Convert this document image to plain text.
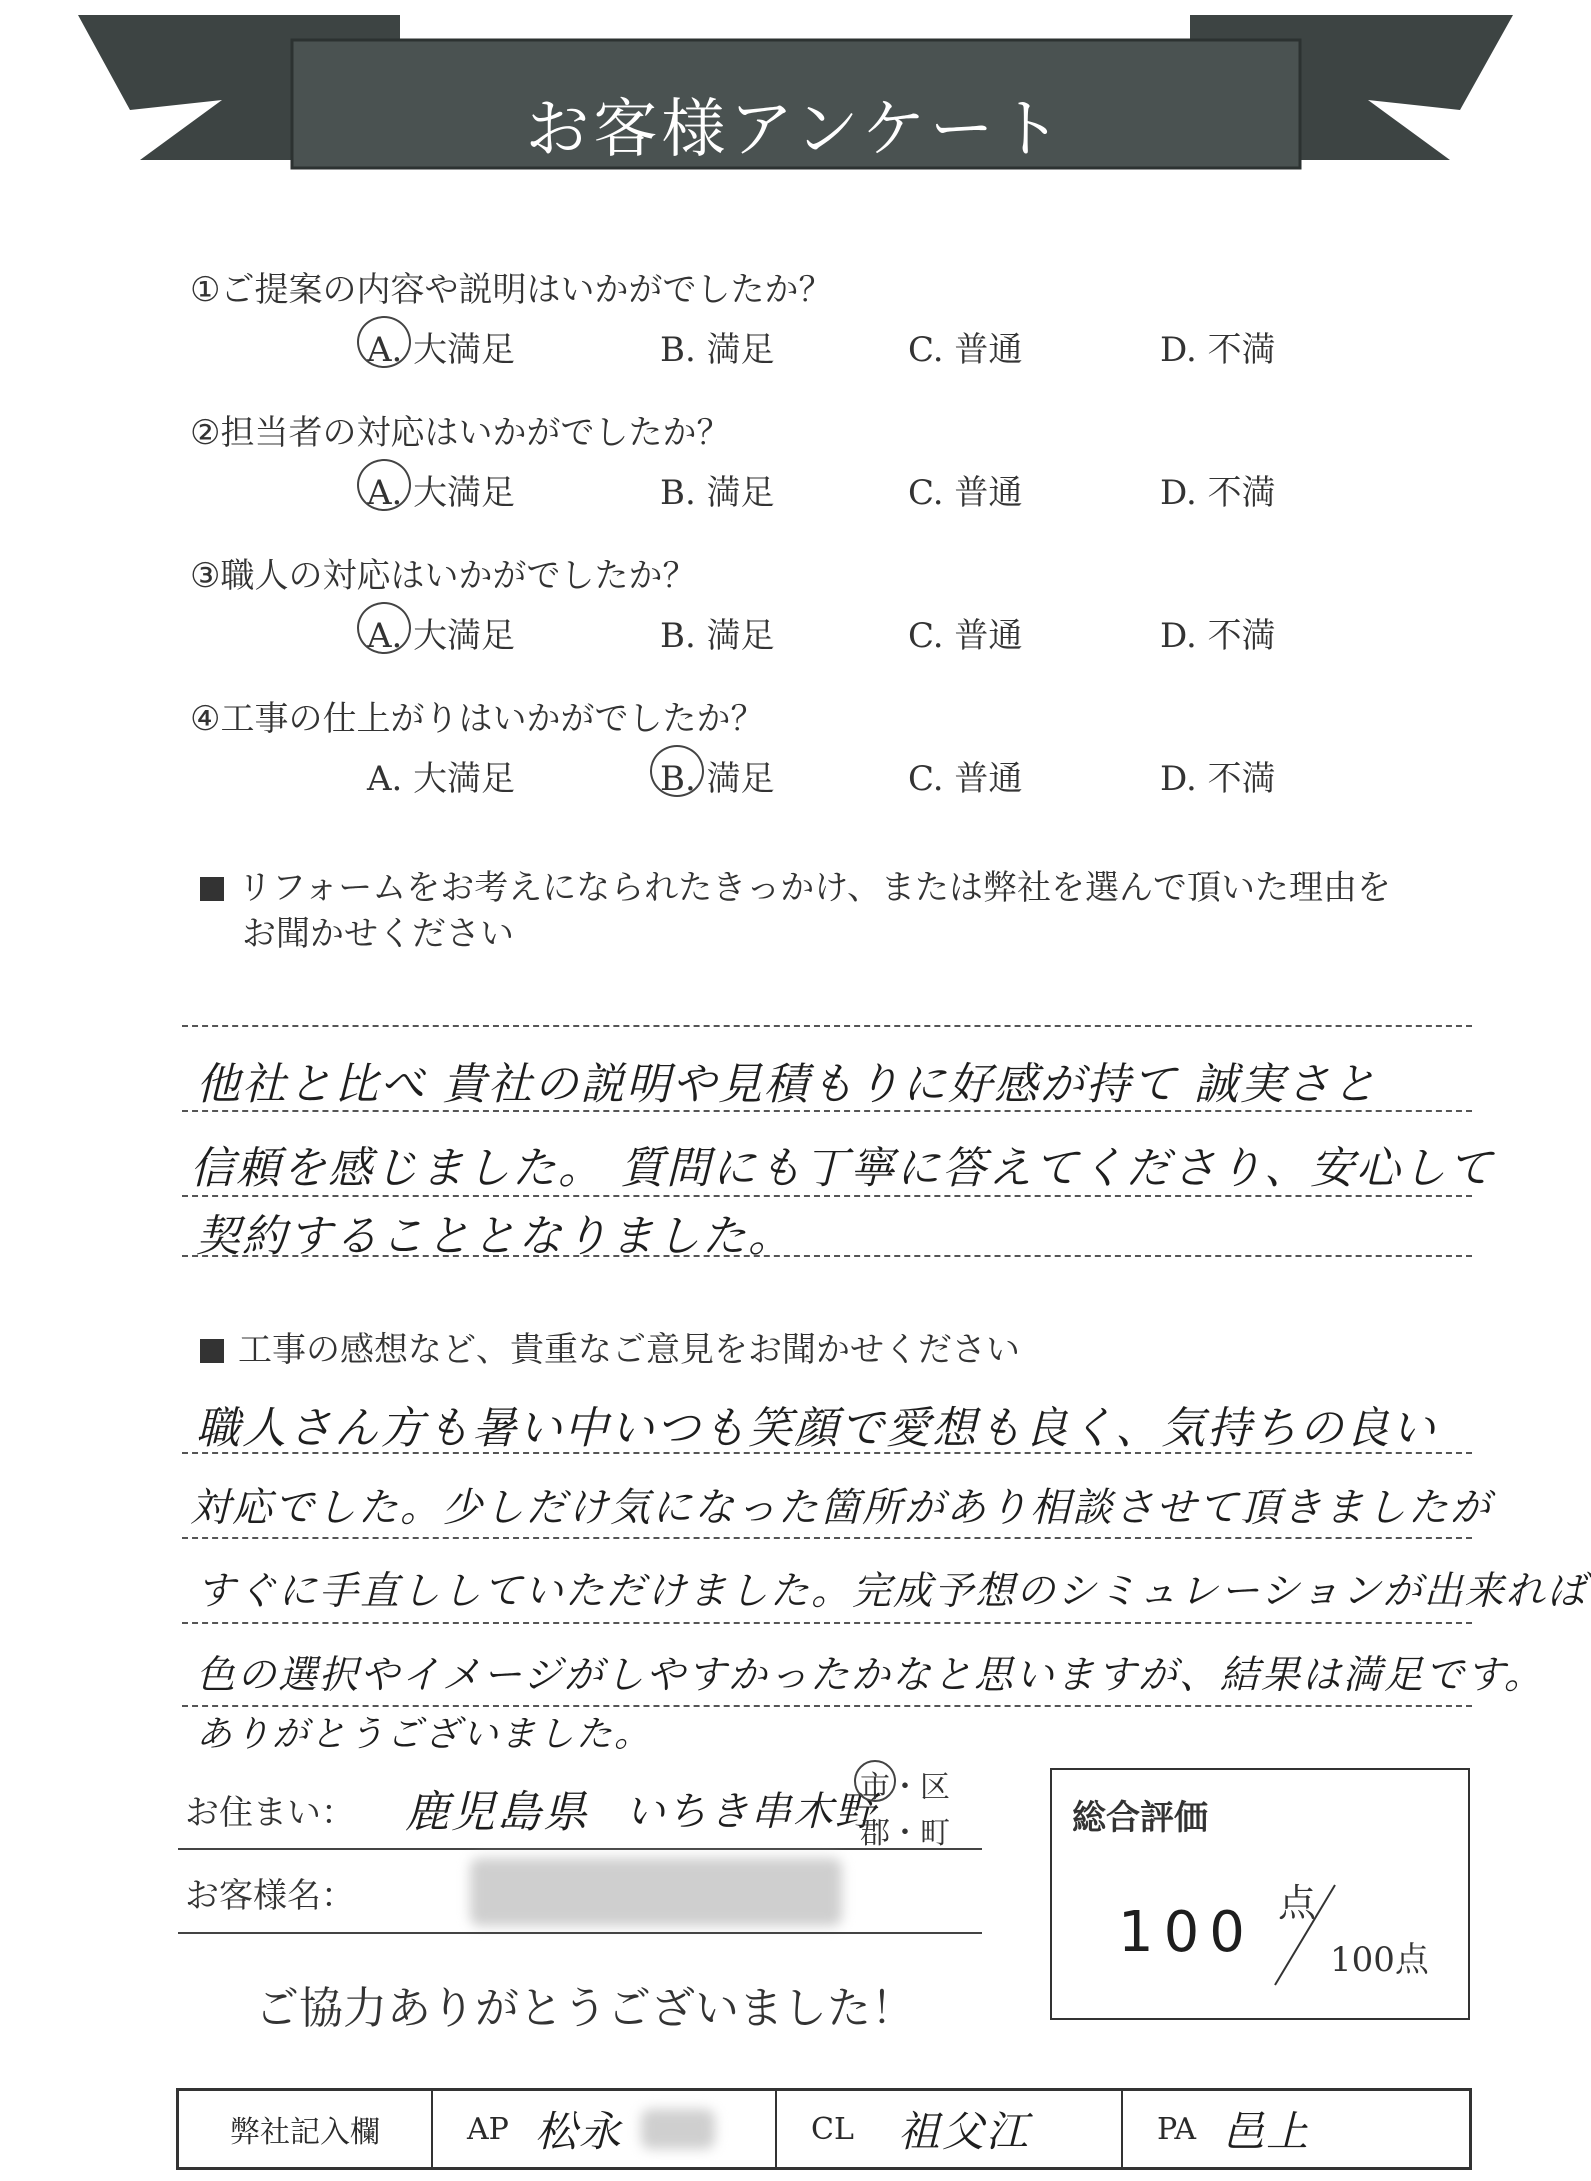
お客様アンケート
①ご提案の内容や説明はいかがでしたか？
A. 大満足	B. 満足	C. 普通	D. 不満
②担当者の対応はいかがでしたか？
A. 大満足	B. 満足	C. 普通	D. 不満
③職人の対応はいかがでしたか？
A. 大満足	B. 満足	C. 普通	D. 不満
④工事の仕上がりはいかがでしたか？
A. 大満足	B. 満足	C. 普通	D. 不満
リフォームをお考えになられたきっかけ、または弊社を選んで頂いた理由を
お聞かせください
他社と比べ 貴社の説明や見積もりに好感が持て 誠実さと
信頼を感じました。 質問にも丁寧に答えてくださり、安心して
契約することとなりました。
工事の感想など、貴重なご意見をお聞かせください
職人さん方も暑い中いつも笑顔で愛想も良く、気持ちの良い
対応でした。少しだけ気になった箇所があり相談させて頂きましたが
すぐに手直ししていただけました。完成予想のシミュレーションが出来れば
色の選択やイメージがしやすかったかなと思いますが、結果は満足です。
ありがとうございました。
お住まい： 鹿児島県 いちき串木野
市・区
郡・町
お客様名：
ご協力ありがとうございました！
総合評価
100 点
100点
弊社記入欄	AP 松永	CL 祖父江	PA 邑上
